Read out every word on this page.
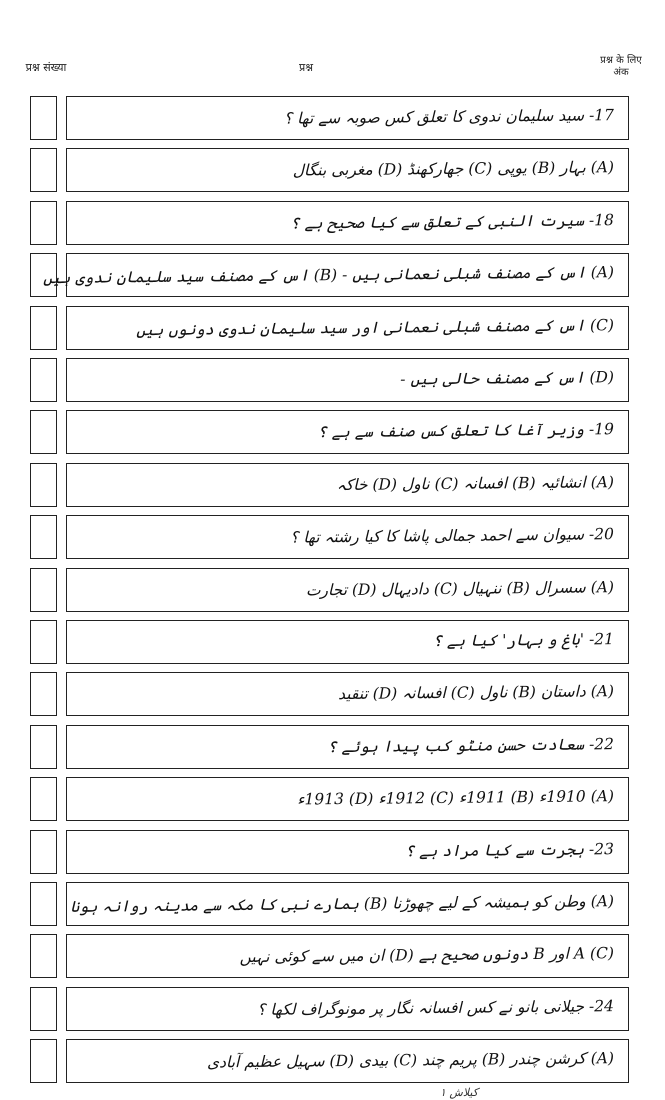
प्रश्न संख्या	प्रश्न
प्रश्न के लिए अंक
17- سید سلیمان ندوی کا تعلق کس صوبہ سے تھا ؟
(A) بہار (B) یوپی (C) جھارکھنڈ (D) مغربی بنگال
18- سیرت النبی کے تعلق سے کیا صحیح ہے ؟
(A) اس کے مصنف شبلی نعمانی ہیں - (B) اس کے مصنف سید سلیمان ندوی ہیں
(C) اس کے مصنف شبلی نعمانی اور سید سلیمان ندوی دونوں ہیں
(D) اس کے مصنف حالی ہیں -
19- وزیر آغا کا تعلق کس صنف سے ہے ؟
(A) انشائیہ (B) افسانہ (C) ناول (D) خاکہ
20- سیوان سے احمد جمالی پاشا کا کیا رشتہ تھا ؟
(A) سسرال (B) ننہیال (C) دادیہال (D) تجارت
21- 'باغ و بہار' کیا ہے ؟
(A) داستان (B) ناول (C) افسانہ (D) تنقید
22- سعادت حسن منٹو کب پیدا ہوئے ؟
(A) 1910ء (B) 1911ء (C) 1912ء (D) 1913ء
23- ہجرت سے کیا مراد ہے ؟
(A) وطن کو ہمیشہ کے لیے چھوڑنا (B) ہمارے نبی کا مکہ سے مدینہ روانہ ہونا
(C) A اور B دونوں صحیح ہے (D) ان میں سے کوئی نہیں
24- جیلانی بانو نے کس افسانہ نگار پر مونوگراف لکھا ؟
(A) کرشن چندر (B) پریم چند (C) بیدی (D) سہیل عظیم آبادی
کیلاش ۱
